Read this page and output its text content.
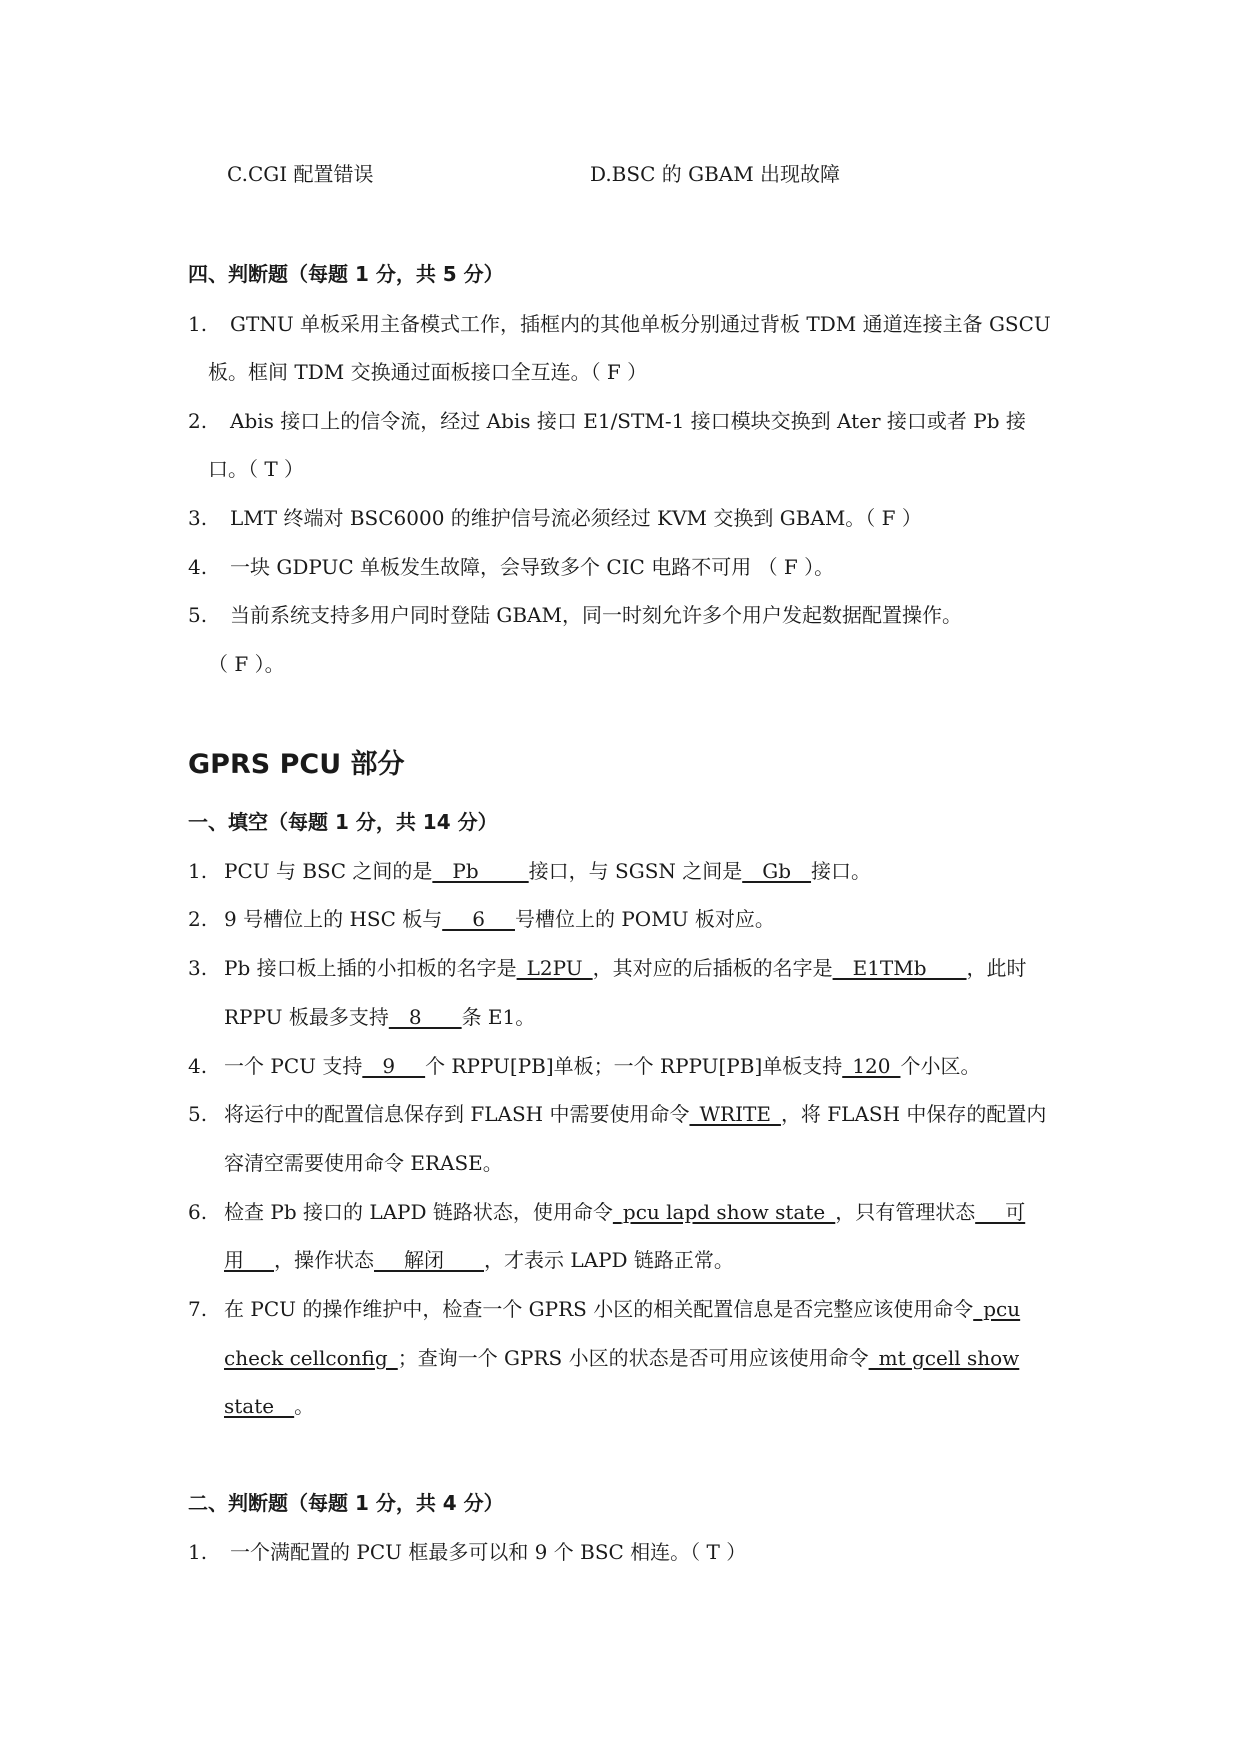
C.CGI 配置错误	D.BSC 的 GBAM 出现故障
四、判断题（每题 1 分，共 5 分）
1. GTNU 单板采用主备模式工作，插框内的其他单板分别通过背板 TDM 通道连接主备 GSCU
板。框间 TDM 交换通过面板接口全互连。（ F ）
2. Abis 接口上的信令流，经过 Abis 接口 E1/STM-1 接口模块交换到 Ater 接口或者 Pb 接
口。（ T ）
3. LMT 终端对 BSC6000 的维护信号流必须经过 KVM 交换到 GBAM。（ F ）
4. 一块 GDPUC 单板发生故障，会导致多个 CIC 电路不可用 （ F ）。
5. 当前系统支持多用户同时登陆 GBAM，同一时刻允许多个用户发起数据配置操作。
（ F ）。
GPRS PCU 部分
一、填空（每题 1 分，共 14 分）
1. PCU 与 BSC 之间的是__Pb_____接口，与 SGSN 之间是__Gb__接口。
2. 9 号槽位上的 HSC 板与___6___号槽位上的 POMU 板对应。
3. Pb 接口板上插的小扣板的名字是_L2PU_，其对应的后插板的名字是__E1TMb____，此时
RPPU 板最多支持__8____条 E1。
4. 一个 PCU 支持__9___个 RPPU[PB]单板；一个 RPPU[PB]单板支持_120_个小区。
5. 将运行中的配置信息保存到 FLASH 中需要使用命令_WRITE_，将 FLASH 中保存的配置内
容清空需要使用命令 ERASE。
6. 检查 Pb 接口的 LAPD 链路状态，使用命令_pcu lapd show state_，只有管理状态___可
用___，操作状态___解闭____，才表示 LAPD 链路正常。
7. 在 PCU 的操作维护中，检查一个 GPRS 小区的相关配置信息是否完整应该使用命令_pcu
check cellconfig_；查询一个 GPRS 小区的状态是否可用应该使用命令_mt gcell show
state__。
二、判断题（每题 1 分，共 4 分）
1. 一个满配置的 PCU 框最多可以和 9 个 BSC 相连。（ T ）
